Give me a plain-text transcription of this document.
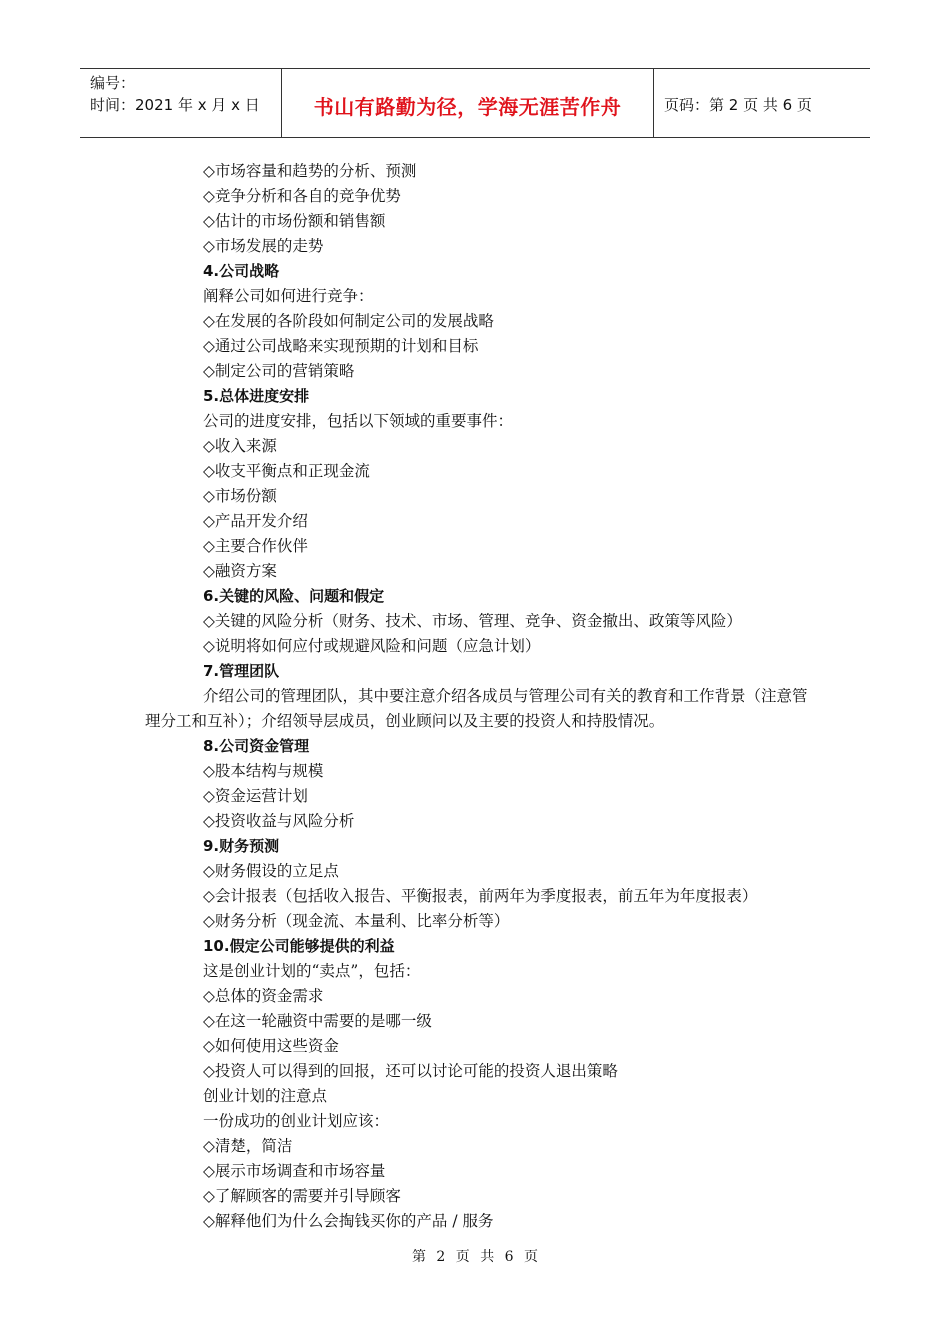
编号：
时间：2021 年 x 月 x 日	书山有路勤为径，学海无涯苦作舟	页码：第 2 页 共 6 页
◇市场容量和趋势的分析、预测
◇竞争分析和各自的竞争优势
◇估计的市场份额和销售额
◇市场发展的走势
4.公司战略
阐释公司如何进行竞争：
◇在发展的各阶段如何制定公司的发展战略
◇通过公司战略来实现预期的计划和目标
◇制定公司的营销策略
5.总体进度安排
公司的进度安排，包括以下领域的重要事件：
◇收入来源
◇收支平衡点和正现金流
◇市场份额
◇产品开发介绍
◇主要合作伙伴
◇融资方案
6.关键的风险、问题和假定
◇关键的风险分析（财务、技术、市场、管理、竞争、资金撤出、政策等风险）
◇说明将如何应付或规避风险和问题（应急计划）
7.管理团队
介绍公司的管理团队，其中要注意介绍各成员与管理公司有关的教育和工作背景（注意管理分工和互补）；介绍领导层成员，创业顾问以及主要的投资人和持股情况。
8.公司资金管理
◇股本结构与规模
◇资金运营计划
◇投资收益与风险分析
9.财务预测
◇财务假设的立足点
◇会计报表（包括收入报告、平衡报表，前两年为季度报表，前五年为年度报表）
◇财务分析（现金流、本量利、比率分析等）
10.假定公司能够提供的利益
这是创业计划的“卖点”，包括：
◇总体的资金需求
◇在这一轮融资中需要的是哪一级
◇如何使用这些资金
◇投资人可以得到的回报，还可以讨论可能的投资人退出策略
创业计划的注意点
一份成功的创业计划应该：
◇清楚，简洁
◇展示市场调查和市场容量
◇了解顾客的需要并引导顾客
◇解释他们为什么会掏钱买你的产品 / 服务
第 2 页 共 6 页
